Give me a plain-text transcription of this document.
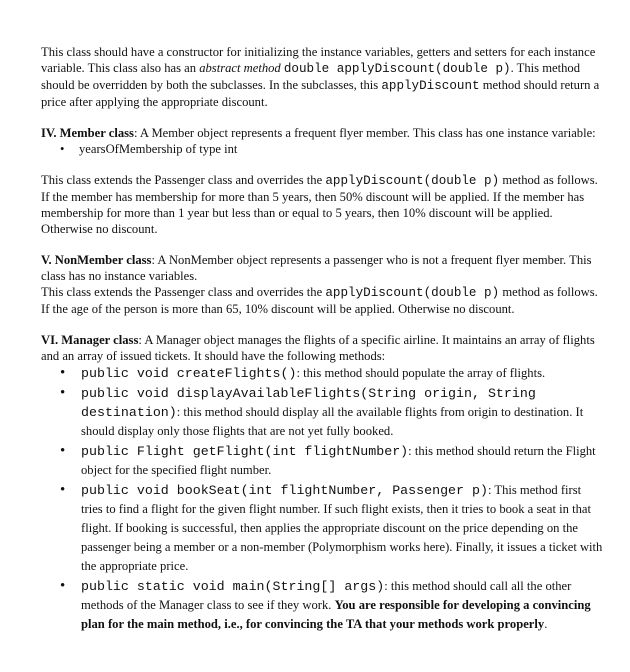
This class should have a constructor for initializing the instance variables, getters and setters for each instance variable. This class also has an abstract method double applyDiscount(double p). This method should be overridden by both the subclasses. In the subclasses, this applyDiscount method should return a price after applying the appropriate discount.

IV. Member class: A Member object represents a frequent flyer member. This class has one instance variable:

• yearsOfMembership of type int

This class extends the Passenger class and overrides the applyDiscount(double p) method as follows. If the member has membership for more than 5 years, then 50% discount will be applied. If the member has membership for more than 1 year but less than or equal to 5 years, then 10% discount will be applied. Otherwise no discount.

V. NonMember class: A NonMember object represents a passenger who is not a frequent flyer member. This class has no instance variables.

This class extends the Passenger class and overrides the applyDiscount(double p) method as follows. If the age of the person is more than 65, 10% discount will be applied. Otherwise no discount.

VI. Manager class: A Manager object manages the flights of a specific airline. It maintains an array of flights and an array of issued tickets. It should have the following methods:

• public void createFlights(): this method should populate the array of flights.
• public void displayAvailableFlights(String origin, String destination): this method should display all the available flights from origin to destination. It should display only those flights that are not yet fully booked.
• public Flight getFlight(int flightNumber): this method should return the Flight object for the specified flight number.
• public void bookSeat(int flightNumber, Passenger p): This method first tries to find a flight for the given flight number. If such flight exists, then it tries to book a seat in that flight. If booking is successful, then applies the appropriate discount on the price depending on the passenger being a member or a non-member (Polymorphism works here). Finally, it issues a ticket with the appropriate price.
• public static void main(String[] args): this method should call all the other methods of the Manager class to see if they work. You are responsible for developing a convincing plan for the main method, i.e., for convincing the TA that your methods work properly.
